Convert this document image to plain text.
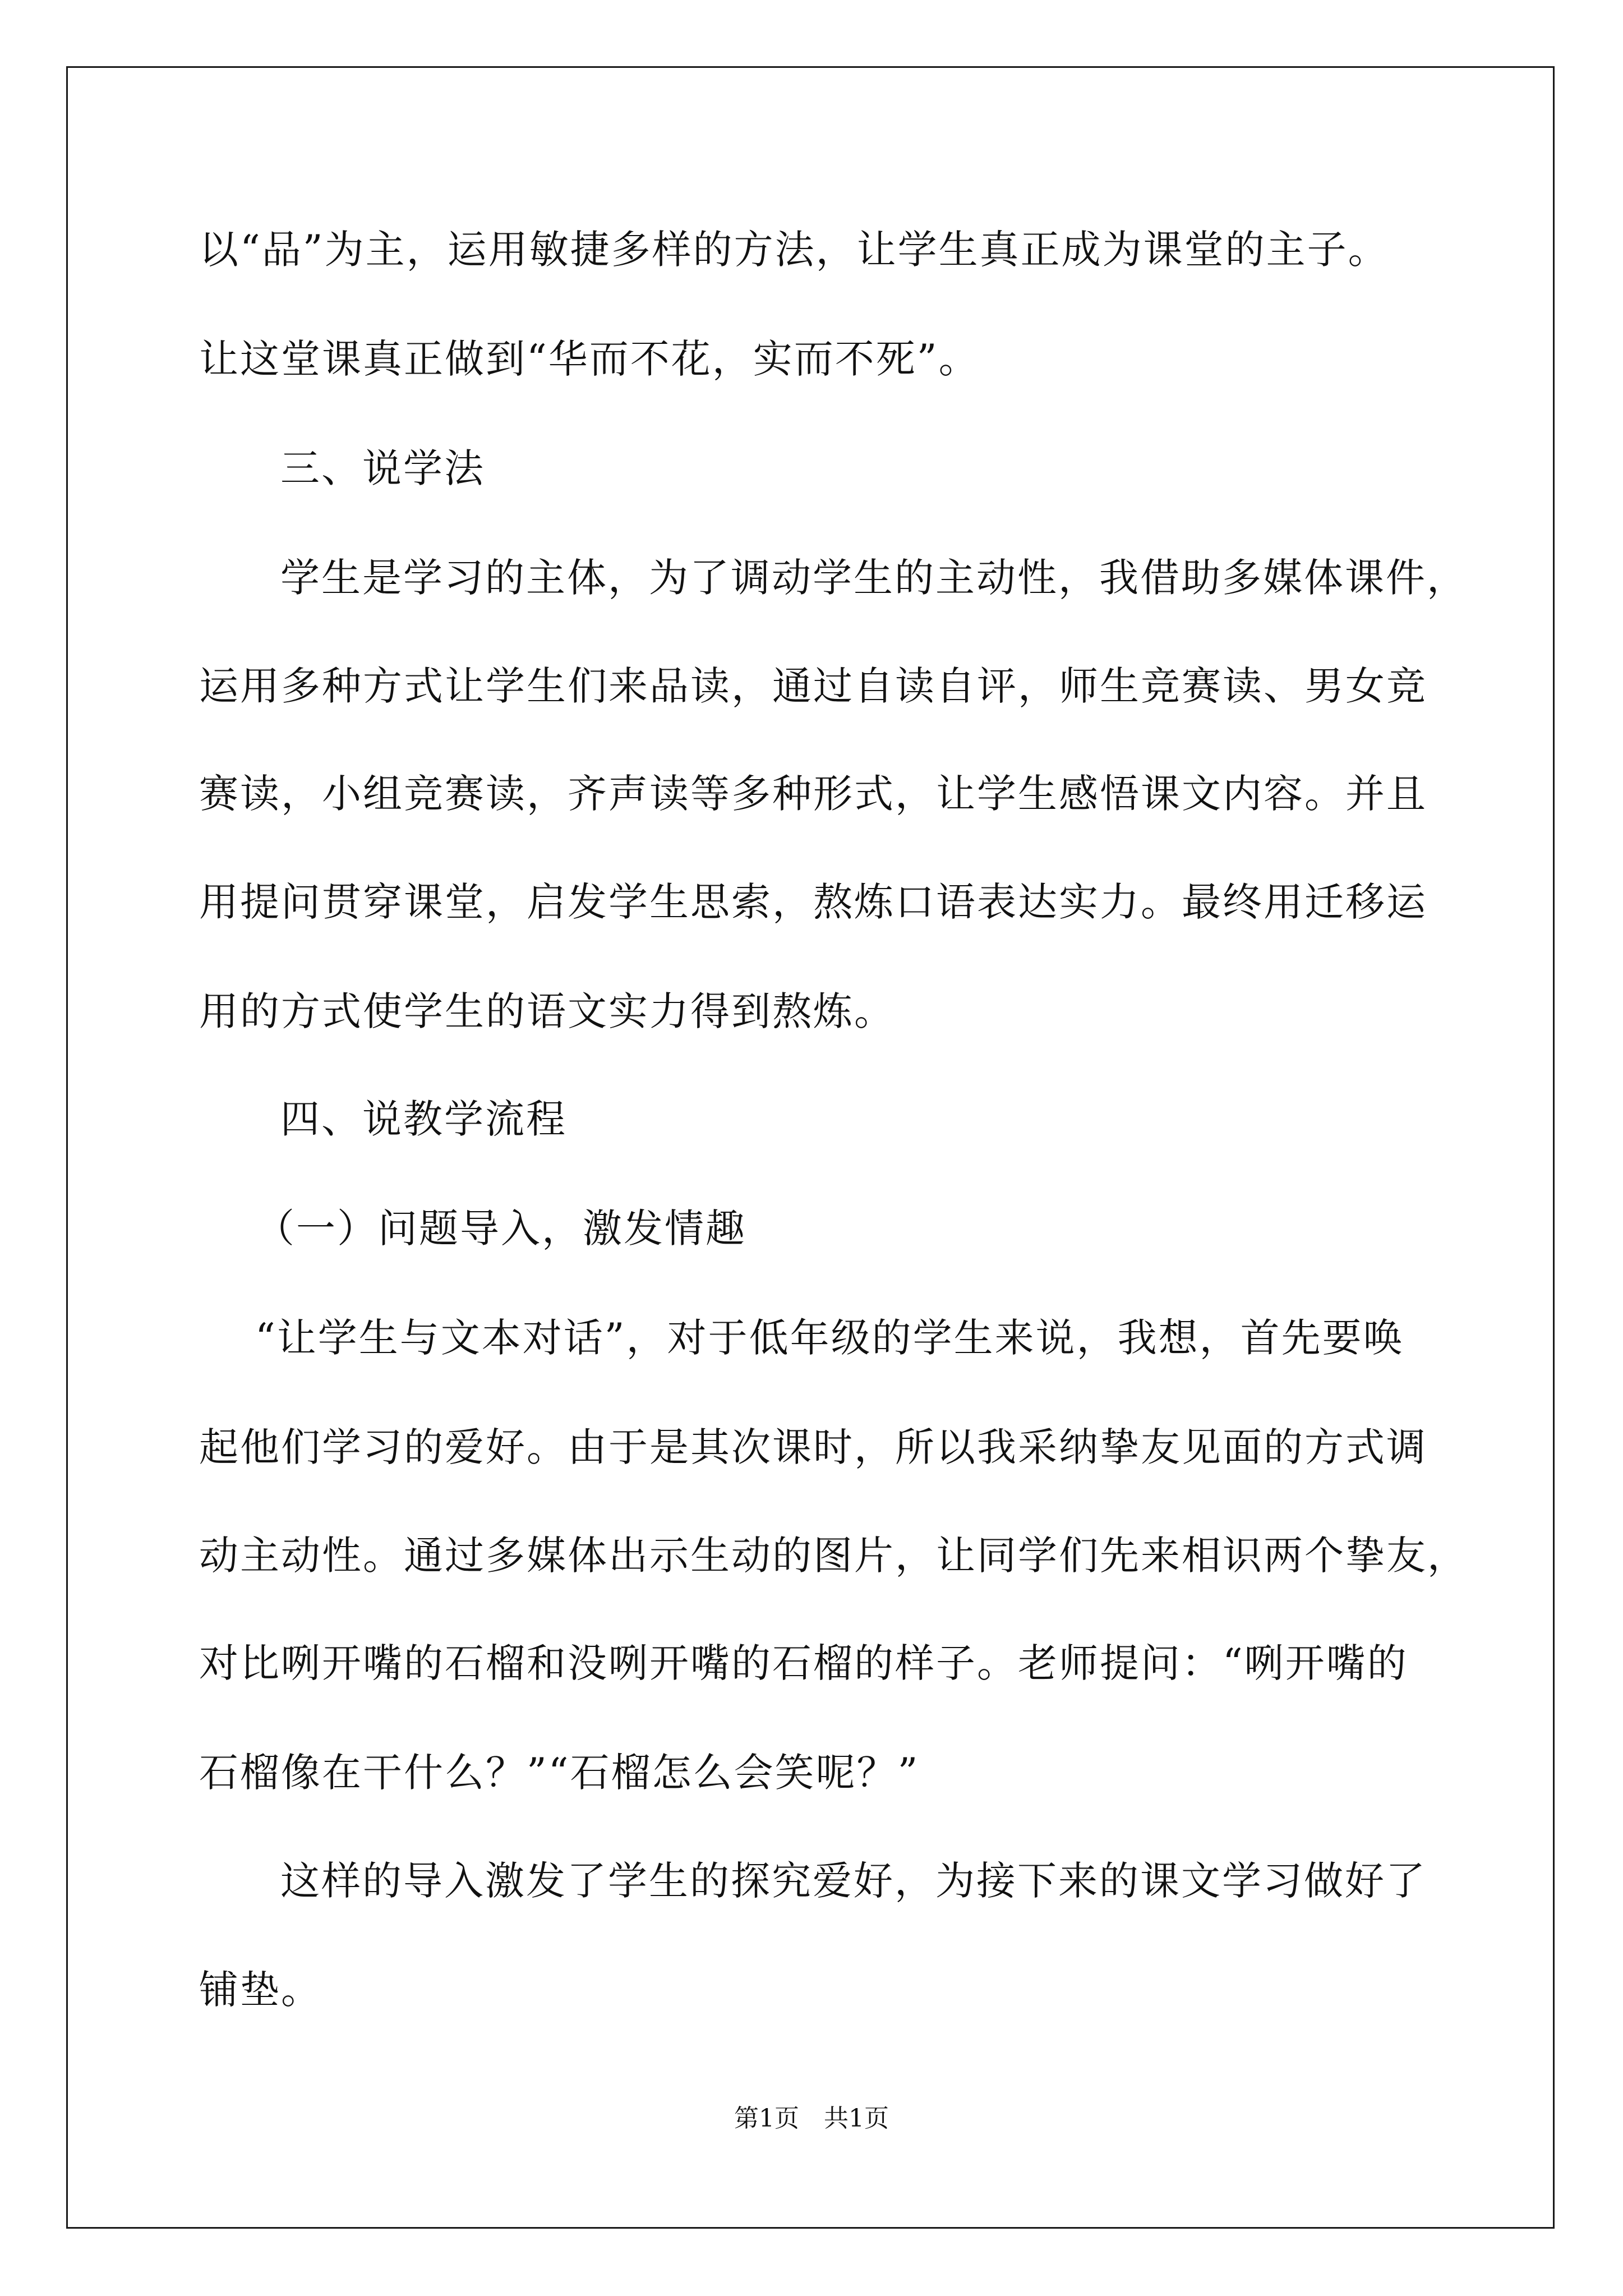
以“品”为主，运用敏捷多样的方法，让学生真正成为课堂的主子。
让这堂课真正做到“华而不花，实而不死”。
三、说学法
学生是学习的主体，为了调动学生的主动性，我借助多媒体课件，
运用多种方式让学生们来品读，通过自读自评，师生竞赛读、男女竞
赛读，小组竞赛读，齐声读等多种形式，让学生感悟课文内容。并且
用提问贯穿课堂，启发学生思索，熬炼口语表达实力。最终用迁移运
用的方式使学生的语文实力得到熬炼。
四、说教学流程
（一）问题导入，激发情趣
“让学生与文本对话”，对于低年级的学生来说，我想，首先要唤
起他们学习的爱好。由于是其次课时，所以我采纳挚友见面的方式调
动主动性。通过多媒体出示生动的图片，让同学们先来相识两个挚友，
对比咧开嘴的石榴和没咧开嘴的石榴的样子。老师提问：“咧开嘴的
石榴像在干什么？”“石榴怎么会笑呢？”
这样的导入激发了学生的探究爱好，为接下来的课文学习做好了
铺垫。
第1页　共1页
